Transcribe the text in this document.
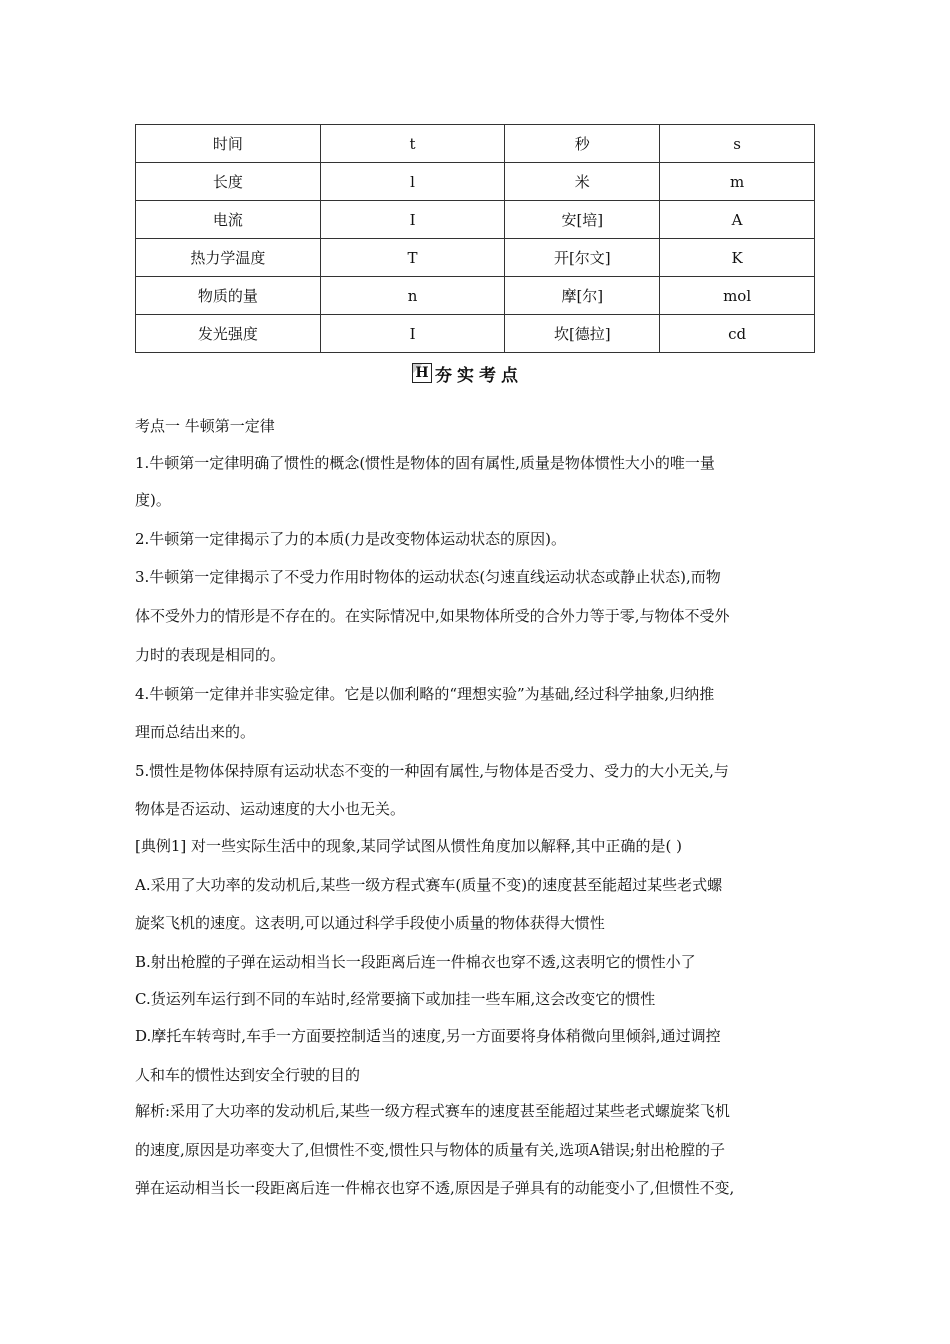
时间	t	秒	s
长度	l	米	m
电流	I	安[培]	A
热力学温度	T	开[尔文]	K
物质的量	n	摩[尔]	mol
发光强度	I	坎[德拉]	cd
H 夯实考点
考点一 牛顿第一定律
1.牛顿第一定律明确了惯性的概念(惯性是物体的固有属性,质量是物体惯性大小的唯一量
度)。
2.牛顿第一定律揭示了力的本质(力是改变物体运动状态的原因)。
3.牛顿第一定律揭示了不受力作用时物体的运动状态(匀速直线运动状态或静止状态),而物
体不受外力的情形是不存在的。在实际情况中,如果物体所受的合外力等于零,与物体不受外
力时的表现是相同的。
4.牛顿第一定律并非实验定律。它是以伽利略的“理想实验”为基础,经过科学抽象,归纳推
理而总结出来的。
5.惯性是物体保持原有运动状态不变的一种固有属性,与物体是否受力、受力的大小无关,与
物体是否运动、运动速度的大小也无关。
[典例1] 对一些实际生活中的现象,某同学试图从惯性角度加以解释,其中正确的是( )
A.采用了大功率的发动机后,某些一级方程式赛车(质量不变)的速度甚至能超过某些老式螺
旋桨飞机的速度。这表明,可以通过科学手段使小质量的物体获得大惯性
B.射出枪膛的子弹在运动相当长一段距离后连一件棉衣也穿不透,这表明它的惯性小了
C.货运列车运行到不同的车站时,经常要摘下或加挂一些车厢,这会改变它的惯性
D.摩托车转弯时,车手一方面要控制适当的速度,另一方面要将身体稍微向里倾斜,通过调控
人和车的惯性达到安全行驶的目的
解析:采用了大功率的发动机后,某些一级方程式赛车的速度甚至能超过某些老式螺旋桨飞机
的速度,原因是功率变大了,但惯性不变,惯性只与物体的质量有关,选项A错误;射出枪膛的子
弹在运动相当长一段距离后连一件棉衣也穿不透,原因是子弹具有的动能变小了,但惯性不变,
